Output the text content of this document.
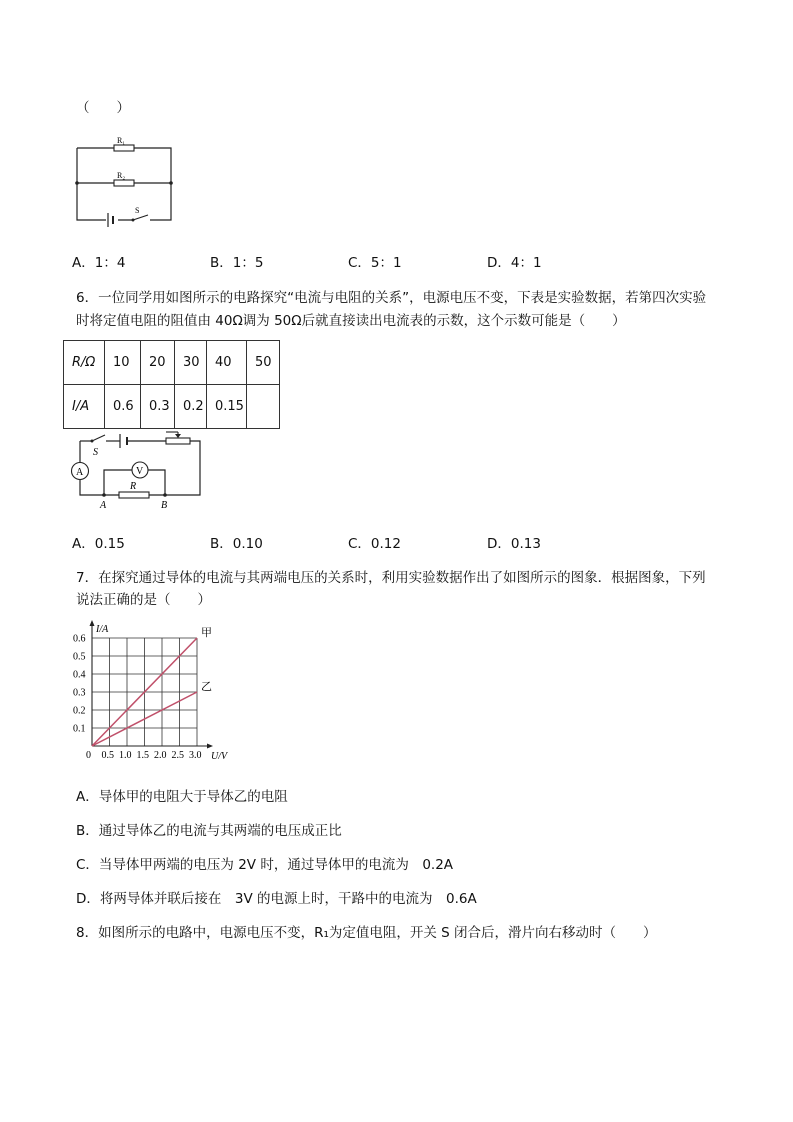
（　　）
R₁
R₂
S
A．1：4	B．1：5	C．5：1	D．4：1
6．一位同学用如图所示的电路探究“电流与电阻的关系”，电源电压不变，下表是实验数据，若第四次实验
时将定值电阻的阻值由 40Ω调为 50Ω后就直接读出电流表的示数，这个示数可能是（　　）
R/Ω	10	20	30	40	50
I/A	0.6	0.3	0.2	0.15	
A	V
S
R
A	B
A．0.15	B．0.10	C．0.12	D．0.13
7．在探究通过导体的电流与其两端电压的关系时，利用实验数据作出了如图所示的图象．根据图象，下列
说法正确的是（　　）
0 0.5 1.0 1.5 2.0 2.5 3.0
0.1
0.2
0.3
0.4
0.5
0.6
U/V
I/A	甲
乙
A．导体甲的电阻大于导体乙的电阻
B．通过导体乙的电流与其两端的电压成正比
C．当导体甲两端的电压为 2V 时，通过导体甲的电流为　0.2A
D．将两导体并联后接在　3V 的电源上时，干路中的电流为　0.6A
8．如图所示的电路中，电源电压不变，R₁为定值电阻，开关 S 闭合后，滑片向右移动时（　　）
